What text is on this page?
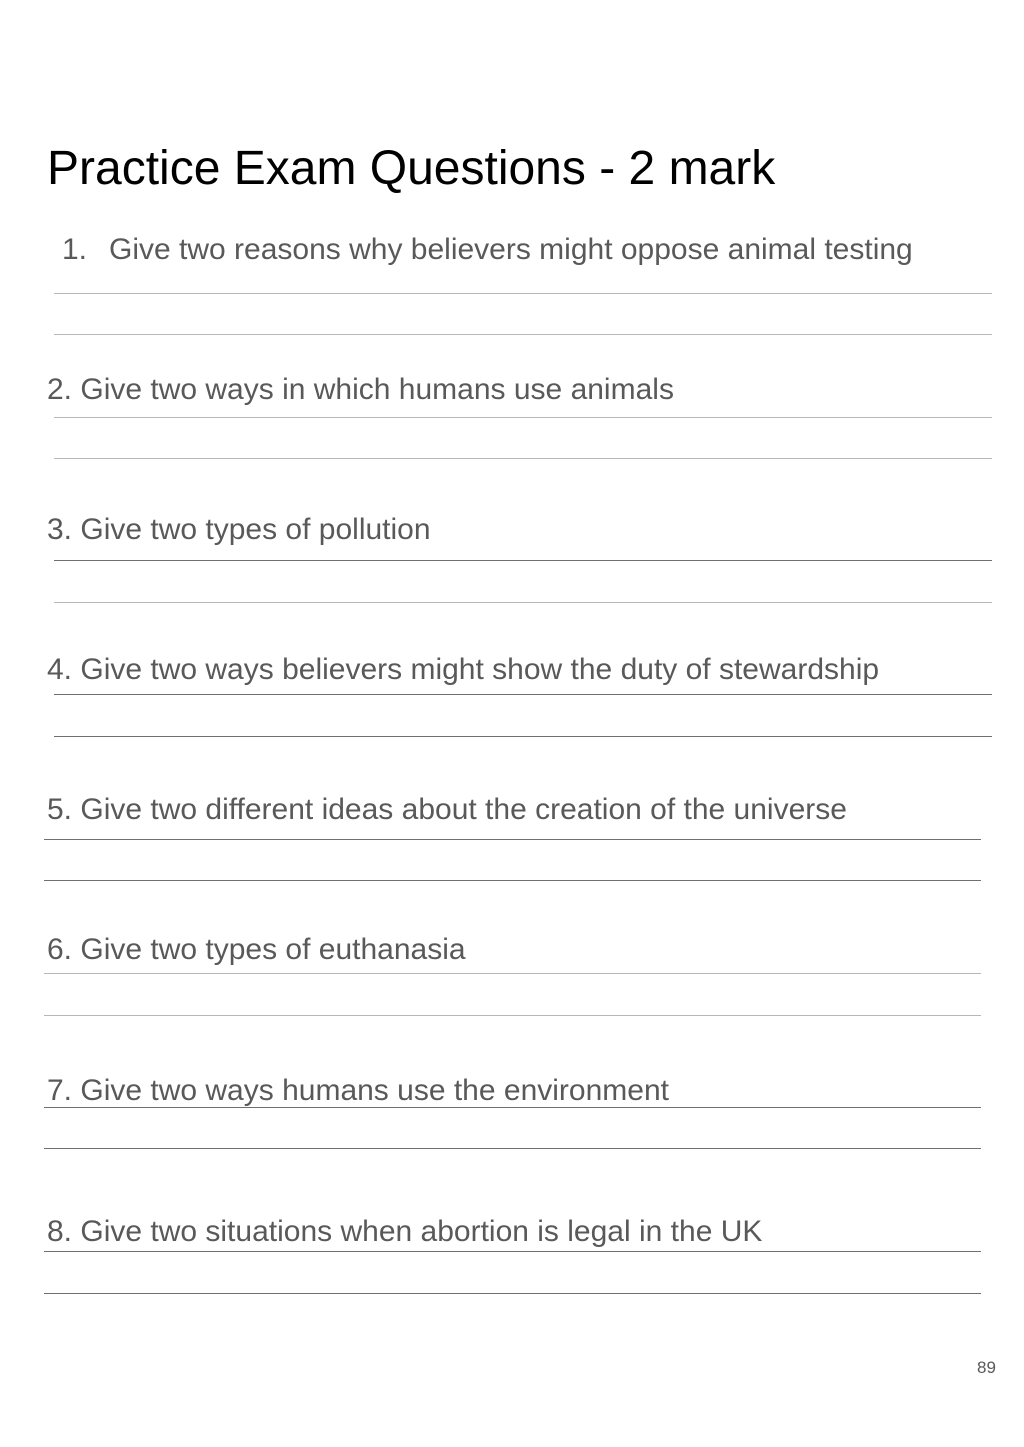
Practice Exam Questions - 2 mark
1. Give two reasons why believers might oppose animal testing

2. Give two ways in which humans use animals

3. Give two types of pollution

4. Give two ways believers might show the duty of stewardship

5. Give two different ideas about the creation of the universe

6. Give two types of euthanasia

7. Give two ways humans use the environment

8. Give two situations when abortion is legal in the UK

89
